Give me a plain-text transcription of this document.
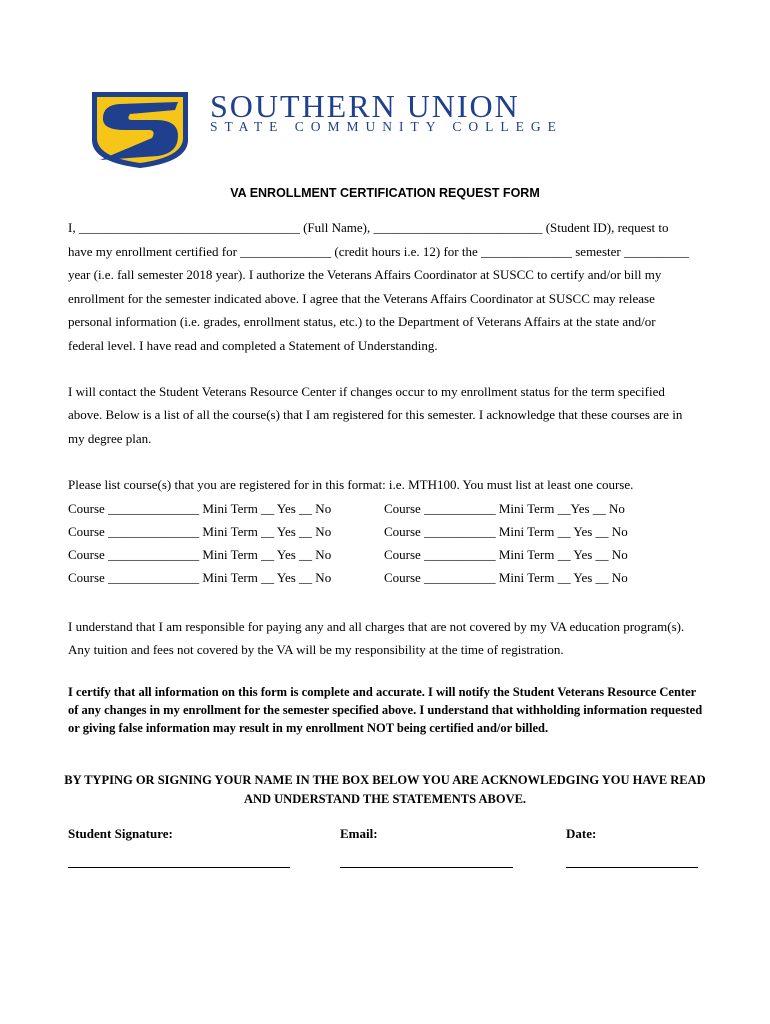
SOUTHERN UNION
STATE COMMUNITY COLLEGE
VA ENROLLMENT CERTIFICATION REQUEST FORM
I, __________________________________ (Full Name), __________________________ (Student ID), request to
have my enrollment certified for ______________ (credit hours i.e. 12) for the ______________ semester __________
year (i.e. fall semester 2018 year). I authorize the Veterans Affairs Coordinator at SUSCC to certify and/or bill my
enrollment for the semester indicated above. I agree that the Veterans Affairs Coordinator at SUSCC may release
personal information (i.e. grades, enrollment status, etc.) to the Department of Veterans Affairs at the state and/or
federal level. I have read and completed a Statement of Understanding.
I will contact the Student Veterans Resource Center if changes occur to my enrollment status for the term specified
above. Below is a list of all the course(s) that I am registered for this semester. I acknowledge that these courses are in
my degree plan.
Please list course(s) that you are registered for in this format: i.e. MTH100. You must list at least one course.
Course ______________ Mini Term __ Yes __ No
Course ______________ Mini Term __ Yes __ No
Course ______________ Mini Term __ Yes __ No
Course ______________ Mini Term __ Yes __ No
Course ___________ Mini Term __Yes __ No
Course ___________ Mini Term __ Yes __ No
Course ___________ Mini Term __ Yes __ No
Course ___________ Mini Term __ Yes __ No
I understand that I am responsible for paying any and all charges that are not covered by my VA education program(s).
Any tuition and fees not covered by the VA will be my responsibility at the time of registration.
I certify that all information on this form is complete and accurate. I will notify the Student Veterans Resource Center of any changes in my enrollment for the semester specified above. I understand that withholding information requested or giving false information may result in my enrollment NOT being certified and/or billed.
BY TYPING OR SIGNING YOUR NAME IN THE BOX BELOW YOU ARE ACKNOWLEDGING YOU HAVE READ AND UNDERSTAND THE STATEMENTS ABOVE.
Student Signature:	Email:	Date:
